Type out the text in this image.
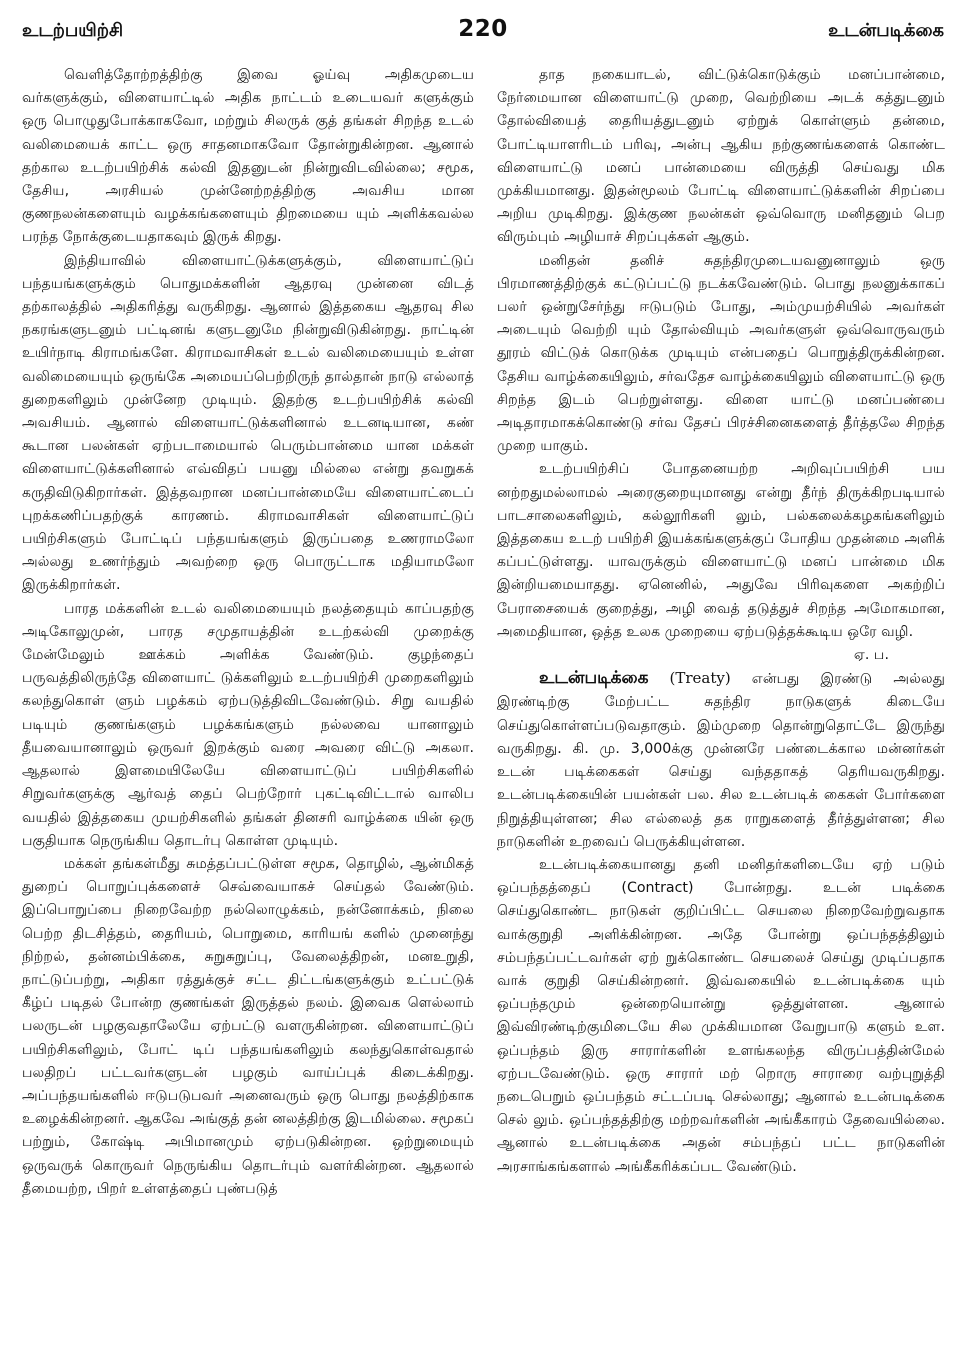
உடற்பயிற்சி	220	உடன்படிக்கை

வெளித்தோற்றத்திற்கு இவை ஓய்வு அதிகமுடைய வர்களுக்கும், விளையாட்டில் அதிக நாட்டம் உடையவர் களுக்கும் ஒரு பொழுதுபோக்காகவோ, மற்றும் சிலருக் குத் தங்கள் சிறந்த உடல் வலிமையைக் காட்ட ஒரு சாதனமாகவோ தோன்றுகின்றன. ஆனால் தற்கால உடற்பயிற்சிக் கல்வி இதனுடன் நின்றுவிடவில்லை; சமூக, தேசிய, அரசியல் முன்னேற்றத்திற்கு அவசிய மான குணநலன்களையும் வழக்கங்களையும் திறமையை யும் அளிக்கவல்ல பரந்த நோக்குடையதாகவும் இருக் கிறது.

இந்தியாவில் விளையாட்டுக்களுக்கும், விளையாட்டுப் பந்தயங்களுக்கும் பொதுமக்களின் ஆதரவு முன்னை விடத் தற்காலத்தில் அதிகரித்து வருகிறது. ஆனால் இத்தகைய ஆதரவு சில நகரங்களுடனும் பட்டினங் களுடனுமே நின்றுவிடுகின்றது. நாட்டின் உயிர்நாடி கிராமங்களே. கிராமவாசிகள் உடல் வலிமையையும் உள்ள வலிமையையும் ஒருங்கே அமையப்பெற்றிருந் தால்தான் நாடு எல்லாத் துறைகளிலும் முன்னேற முடியும். இதற்கு உடற்பயிற்சிக் கல்வி அவசியம். ஆனால் விளையாட்டுக்களினால் உடனடியான, கண் கூடான பலன்கள் ஏற்படாமையால் பெரும்பான்மை யான மக்கள் விளையாட்டுக்களினால் எவ்விதப் பயனு மில்லை என்று தவறுகக் கருதிவிடுகிறார்கள். இத்தவறான மனப்பான்மையே விளையாட்டைப் புறக்கணிப்பதற்குக் காரணம். கிராமவாசிகள் விளையாட்டுப் பயிற்சிகளும் போட்டிப் பந்தயங்களும் இருப்பதை உணராமலோ அல்லது உணர்ந்தும் அவற்றை ஒரு பொருட்டாக மதியாமலோ இருக்கிறார்கள்.

பாரத மக்களின் உடல் வலிமையையும் நலத்தையும் காப்பதற்கு அடிகோலுமுன், பாரத சமுதாயத்தின் உடற்கல்வி முறைக்கு மேன்மேலும் ஊக்கம் அளிக்க வேண்டும். குழந்தைப் பருவத்திலிருந்தே விளையாட் டுக்களிலும் உடற்பயிற்சி முறைகளிலும் கலந்துகொள் ளும் பழக்கம் ஏற்படுத்திவிடவேண்டும். சிறு வயதில் படியும் குணங்களும் பழக்கங்களும் நல்லவை யானாலும் தீயவையானாலும் ஒருவர் இறக்கும் வரை அவரை விட்டு அகலா. ஆதலால் இளமையிலேயே விளையாட்டுப் பயிற்சிகளில் சிறுவர்களுக்கு ஆர்வத் தைப் பெற்றோர் புகட்டிவிட்டால் வாலிப வயதில் இத்தகைய முயற்சிகளில் தங்கள் தினசரி வாழ்க்கை யின் ஒரு பகுதியாக நெருங்கிய தொடர்பு கொள்ள முடியும்.

மக்கள் தங்கள்மீது சுமத்தப்பட்டுள்ள சமூக, தொழில், ஆன்மிகத் துறைப் பொறுப்புக்களைச் செவ்வையாகச் செய்தல் வேண்டும். இப்பொறுப்பை நிறைவேற்ற நல்லொழுக்கம், நன்னோக்கம், நிலை பெற்ற திடசித்தம், தைரியம், பொறுமை, காரியங் களில் முனைந்து நிற்றல், தன்னம்பிக்கை, சுறுசுறுப்பு, வேலைத்திறன், மனஉறுதி, நாட்டுப்பற்று, அதிகா ரத்துக்குச் சட்ட திட்டங்களுக்கும் உட்பட்டுக் கீழ்ப் படிதல் போன்ற குணங்கள் இருத்தல் நலம். இவைக ளெல்லாம் பலருடன் பழகுவதாலேயே ஏற்பட்டு வளருகின்றன. விளையாட்டுப் பயிற்சிகளிலும், போட் டிப் பந்தயங்களிலும் கலந்துகொள்வதால் பலதிறப் பட்டவர்களுடன் பழகும் வாய்ப்புக் கிடைக்கிறது. அப்பந்தயங்களில் ஈடுபடுபவர் அனைவரும் ஒரு பொது நலத்திற்காக உழைக்கின்றனர். ஆகவே அங்குத் தன் னலத்திற்கு இடமில்லை. சமூகப் பற்றும், கோஷ்டி அபிமானமும் ஏற்படுகின்றன. ஒற்றுமையும் ஒருவருக் கொருவர் நெருங்கிய தொடர்பும் வளர்கின்றன. ஆதலால் தீமையற்ற, பிறர் உள்ளத்தைப் புண்படுத்

தாத நகையாடல், விட்டுக்கொடுக்கும் மனப்பான்மை, நேர்மையான விளையாட்டு முறை, வெற்றியை அடக் கத்துடனும் தோல்வியைத் தைரியத்துடனும் ஏற்றுக் கொள்ளும் தன்மை, போட்டியாளரிடம் பரிவு, அன்பு ஆகிய நற்குணங்களைக் கொண்ட விளையாட்டு மனப் பான்மையை விருத்தி செய்வது மிக முக்கியமானது. இதன்மூலம் போட்டி விளையாட்டுக்களின் சிறப்பை அறிய முடிகிறது. இக்குண நலன்கள் ஒவ்வொரு மனிதனும் பெற விரும்பும் அழியாச் சிறப்புக்கள் ஆகும்.

மனிதன் தனிச் சுதந்திரமுடையவனுனாலும் ஒரு பிரமாணத்திற்குக் கட்டுப்பட்டு நடக்கவேண்டும். பொது நலனுக்காகப் பலர் ஒன்றுசேர்ந்து ஈடுபடும் போது, அம்முயற்சியில் அவர்கள் அடையும் வெற்றி யும் தோல்வியும் அவர்களுள் ஒவ்வொருவரும் தூரம் விட்டுக் கொடுக்க முடியும் என்பதைப் பொறுத்திருக்கின்றன. தேசிய வாழ்க்கையிலும், சர்வதேச வாழ்க்கையிலும் விளையாட்டு ஒரு சிறந்த இடம் பெற்றுள்ளது. விளை யாட்டு மனப்பண்பை அடிதாரமாகக்கொண்டு சர்வ தேசப் பிரச்சினைகளைத் தீர்த்தலே சிறந்த முறை யாகும்.

உடற்பயிற்சிப் போதனையற்ற அறிவுப்பயிற்சி பய னற்றதுமல்லாமல் அரைகுறையுமானது என்று தீர்ந் திருக்கிறபடியால் பாடசாலைகளிலும், கல்லூரிகளி லும், பல்கலைக்கழகங்களிலும் இத்தகைய உடற் பயிற்சி இயக்கங்களுக்குப் போதிய முதன்மை அளிக் கப்பட்டுள்ளது. யாவருக்கும் விளையாட்டு மனப் பான்மை மிக இன்றியமையாதது. ஏனெனில், அதுவே பிரிவுகளை அகற்றிப் பேராசையைக் குறைத்து, அழி வைத் தடுத்துச் சிறந்த அமோகமான, அமைதியான, ஒத்த உலக முறையை ஏற்படுத்தக்கூடிய ஒரே வழி.

ஏ. ப.

உடன்படிக்கை (Treaty) என்பது இரண்டு அல்லது இரண்டிற்கு மேற்பட்ட சுதந்திர நாடுகளுக் கிடையே செய்துகொள்ளப்படுவதாகும். இம்முறை தொன்றுதொட்டே இருந்து வருகிறது. கி. மு. 3,000க்கு முன்னரே பண்டைக்கால மன்னர்கள் உடன் படிக்கைகள் செய்து வந்ததாகத் தெரியவருகிறது. உடன்படிக்கையின் பயன்கள் பல. சில உடன்படிக் கைகள் போர்களை நிறுத்தியுள்ளன; சில எல்லைத் தக ராறுகளைத் தீர்த்துள்ளன; சில நாடுகளின் உறவைப் பெருக்கியுள்ளன.

உடன்படிக்கையானது தனி மனிதர்களிடையே ஏற் படும் ஒப்பந்தத்தைப் (Contract) போன்றது. உடன் படிக்கை செய்துகொண்ட நாடுகள் குறிப்பிட்ட செயலை நிறைவேற்றுவதாக வாக்குறுதி அளிக்கின்றன. அதே போன்று ஒப்பந்தத்திலும் சம்பந்தப்பட்டவர்கள் ஏற் றுக்கொண்ட செயலைச் செய்து முடிப்பதாக வாக் குறுதி செய்கின்றனர். இவ்வகையில் உடன்படிக்கை யும் ஒப்பந்தமும் ஒன்றையொன்று ஒத்துள்ளன. ஆனால் இவ்விரண்டிற்குமிடையே சில முக்கியமான வேறுபாடு களும் உள. ஒப்பந்தம் இரு சாரார்களின் உளங்கலந்த விருப்பத்தின்மேல் ஏற்படவேண்டும். ஒரு சாரார் மற் றொரு சாராரை வற்புறுத்தி நடைபெறும் ஒப்பந்தம் சட்டப்படி செல்லாது; ஆனால் உடன்படிக்கை செல் லும். ஒப்பந்தத்திற்கு மற்றவர்களின் அங்கீகாரம் தேவையில்லை. ஆனால் உடன்படிக்கை அதன் சம்பந்தப் பட்ட நாடுகளின் அரசாங்கங்களால் அங்கீகரிக்கப்பட வேண்டும்.
